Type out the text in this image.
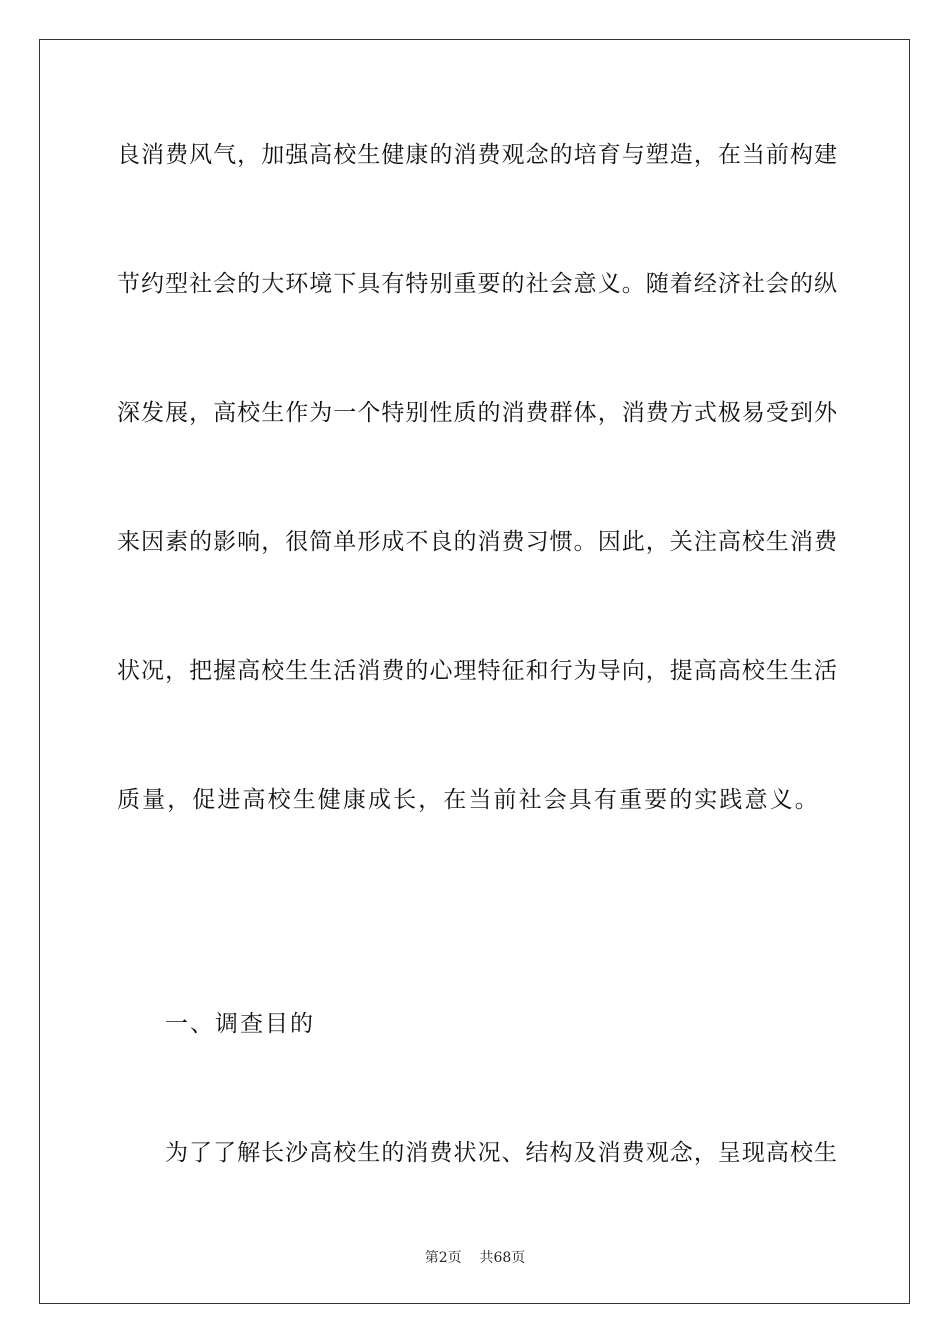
良消费风气，加强高校生健康的消费观念的培育与塑造，在当前构建
节约型社会的大环境下具有特别重要的社会意义。随着经济社会的纵
深发展，高校生作为一个特别性质的消费群体，消费方式极易受到外
来因素的影响，很简单形成不良的消费习惯。因此，关注高校生消费
状况，把握高校生生活消费的心理特征和行为导向，提高高校生生活
质量，促进高校生健康成长，在当前社会具有重要的实践意义。
一、调查目的
为了了解长沙高校生的消费状况、结构及消费观念，呈现高校生
第2页 共68页
